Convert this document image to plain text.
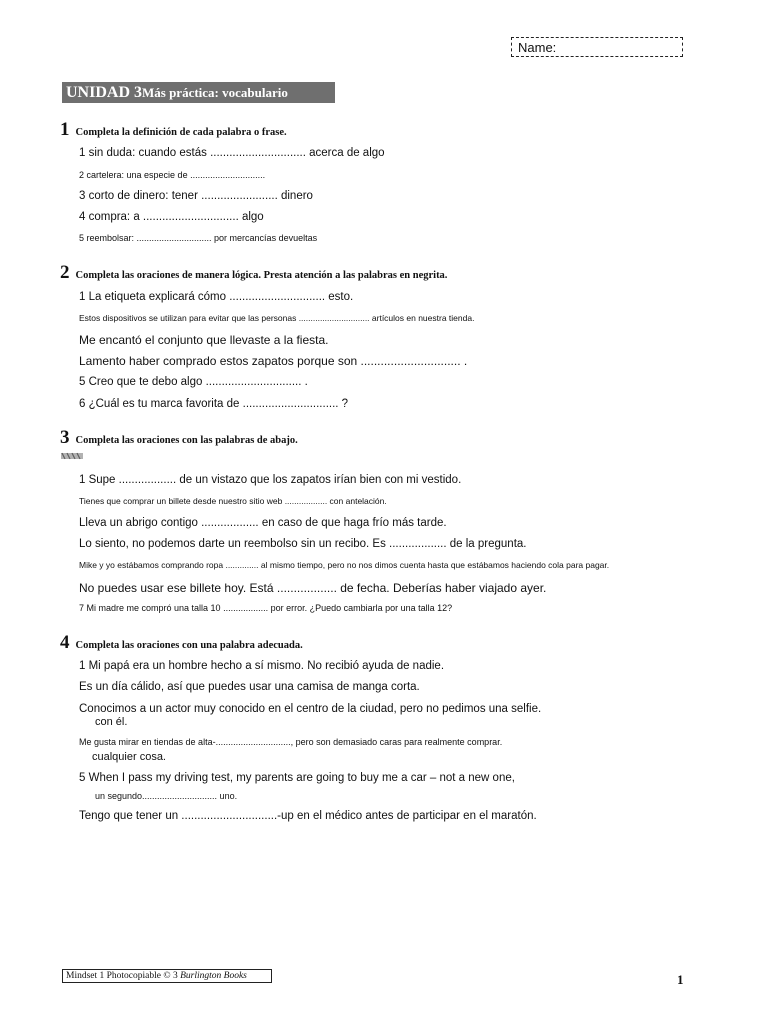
Name:
UNIDAD 3Más práctica: vocabulario
1 Completa la definición de cada palabra o frase.
1 sin duda: cuando estás .............................. acerca de algo
2 cartelera: una especie de ..............................
3 corto de dinero: tener ........................ dinero
4 compra: a .............................. algo
5 reembolsar: .............................. por mercancías devueltas
2 Completa las oraciones de manera lógica. Presta atención a las palabras en negrita.
1 La etiqueta explicará cómo .............................. esto.
Estos dispositivos se utilizan para evitar que las personas .............................. artículos en nuestra tienda.
Me encantó el conjunto que llevaste a la fiesta.
Lamento haber comprado estos zapatos porque son .............................. .
5 Creo que te debo algo .............................. .
6 ¿Cuál es tu marca favorita de .............................. ?
3 Completa las oraciones con las palabras de abajo.
1 Supe .................. de un vistazo que los zapatos irían bien con mi vestido.
Tienes que comprar un billete desde nuestro sitio web .................. con antelación.
Lleva un abrigo contigo .................. en caso de que haga frío más tarde.
Lo siento, no podemos darte un reembolso sin un recibo. Es .................. de la pregunta.
Mike y yo estábamos comprando ropa .............. al mismo tiempo, pero no nos dimos cuenta hasta que estábamos haciendo cola para pagar.
No puedes usar ese billete hoy. Está .................. de fecha. Deberías haber viajado ayer.
7 Mi madre me compró una talla 10 .................. por error. ¿Puedo cambiarla por una talla 12?
4 Completa las oraciones con una palabra adecuada.
1 Mi papá era un hombre hecho a sí mismo. No recibió ayuda de nadie.
Es un día cálido, así que puedes usar una camisa de manga corta.
Conocimos a un actor muy conocido en el centro de la ciudad, pero no pedimos una selfie.
con él.
Me gusta mirar en tiendas de alta-.............................., pero son demasiado caras para realmente comprar.
cualquier cosa.
5 When I pass my driving test, my parents are going to buy me a car – not a new one,
un segundo.............................. uno.
Tengo que tener un ..............................-up en el médico antes de participar en el maratón.
Mindset 1 Photocopiable © 3 Burlington Books	1
